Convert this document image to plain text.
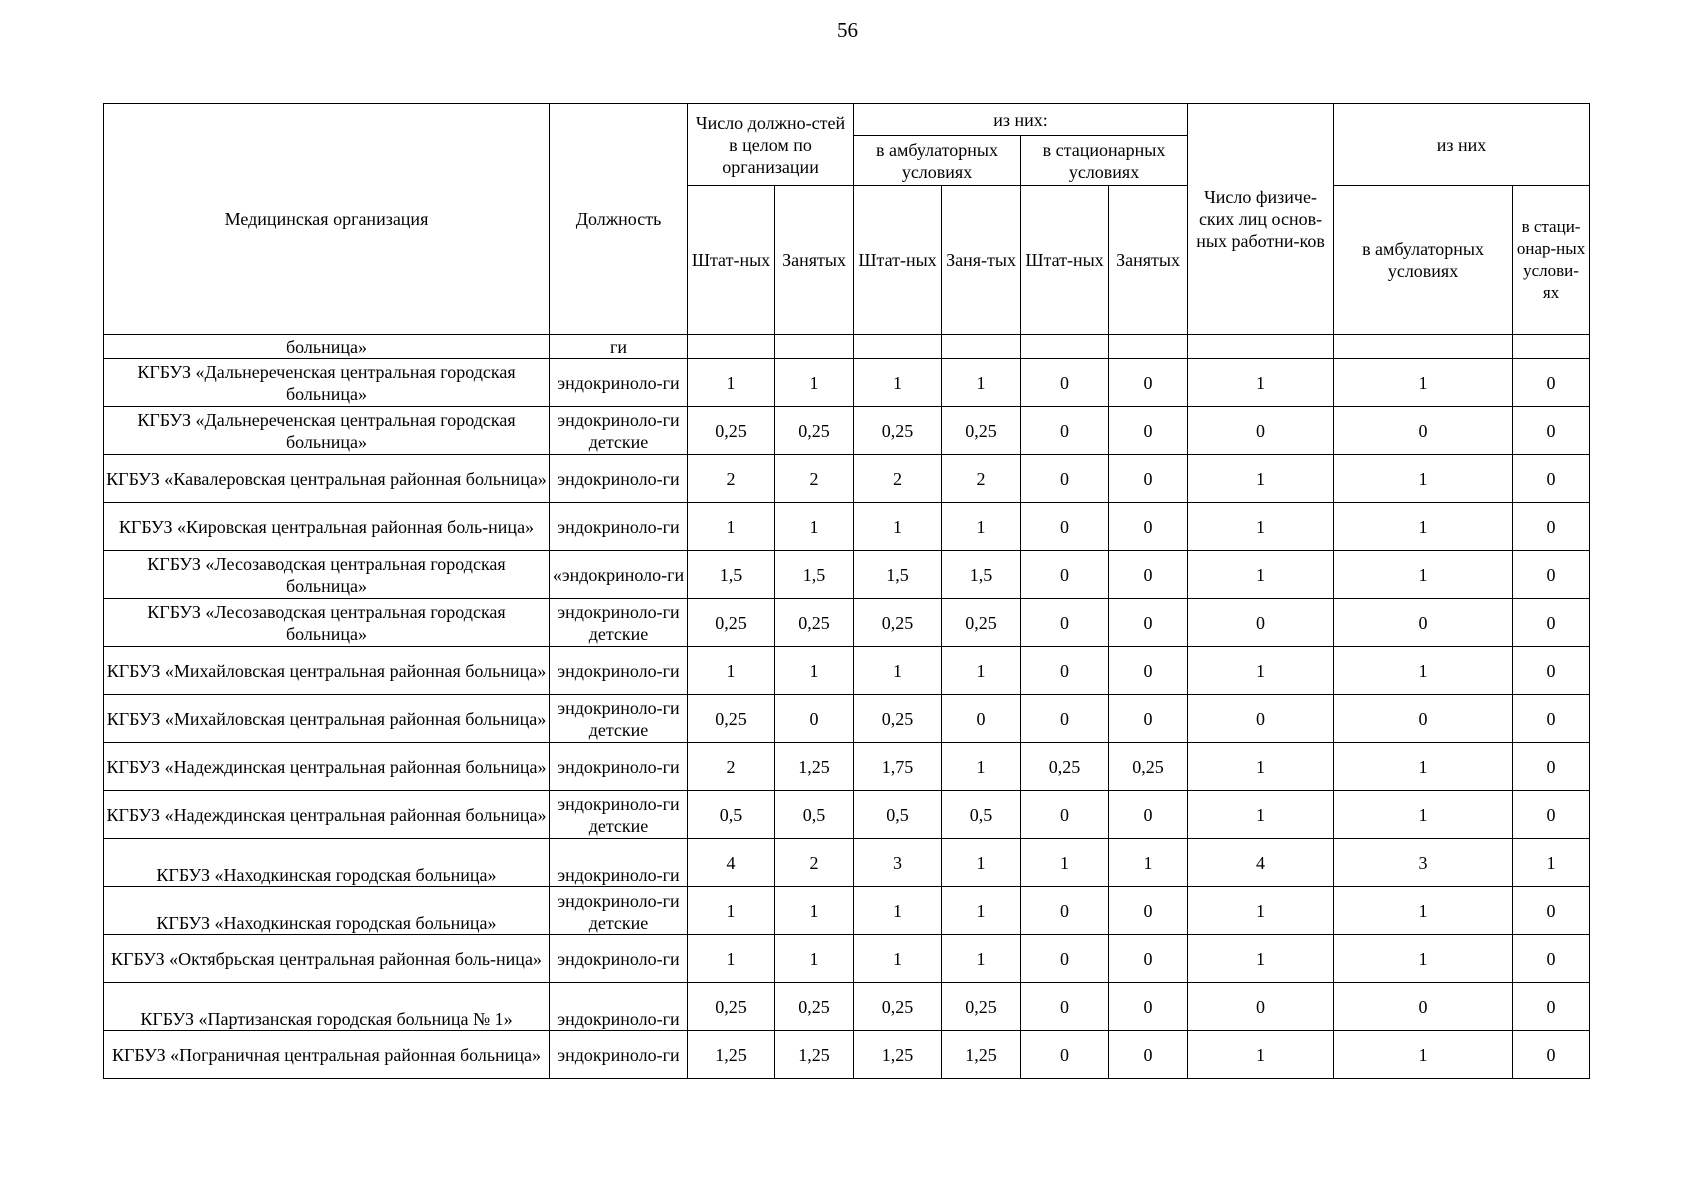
56
Медицинская организация	Должность	Число должно-стей в целом по организации		из них:				Число физиче-ских лиц основ-ных работни-ков	из них	
				в амбулаторных условиях		в стационарных условиях				
		Штат-ных	Занятых	Штат-ных	Заня-тых	Штат-ных	Занятых		в амбулаторных условиях	в стаци-онар-ных услови-ях

больница»	ги									
КГБУЗ «Дальнереченская центральная городская больница»	эндокриноло-ги	1	1	1	1	0	0	1	1	0
КГБУЗ «Дальнереченская центральная городская больница»	эндокриноло-ги детские	0,25	0,25	0,25	0,25	0	0	0	0	0
КГБУЗ «Кавалеровская центральная районная больница»	эндокриноло-ги	2	2	2	2	0	0	1	1	0
КГБУЗ «Кировская центральная районная боль-ница»	эндокриноло-ги	1	1	1	1	0	0	1	1	0
КГБУЗ «Лесозаводская центральная городская больница»	«эндокриноло-ги	1,5	1,5	1,5	1,5	0	0	1	1	0
КГБУЗ «Лесозаводская центральная городская больница»	эндокриноло-ги детские	0,25	0,25	0,25	0,25	0	0	0	0	0
КГБУЗ «Михайловская центральная районная больница»	эндокриноло-ги	1	1	1	1	0	0	1	1	0
КГБУЗ «Михайловская центральная районная больница»	эндокриноло-ги детские	0,25	0	0,25	0	0	0	0	0	0
КГБУЗ «Надеждинская центральная районная больница»	эндокриноло-ги	2	1,25	1,75	1	0,25	0,25	1	1	0
КГБУЗ «Надеждинская центральная районная больница»	эндокриноло-ги детские	0,5	0,5	0,5	0,5	0	0	1	1	0
КГБУЗ «Находкинская городская больница»	эндокриноло-ги	4	2	3	1	1	1	4	3	1
КГБУЗ «Находкинская городская больница»	эндокриноло-ги детские	1	1	1	1	0	0	1	1	0
КГБУЗ «Октябрьская центральная районная боль-ница»	эндокриноло-ги	1	1	1	1	0	0	1	1	0
КГБУЗ «Партизанская городская больница № 1»	эндокриноло-ги	0,25	0,25	0,25	0,25	0	0	0	0	0
КГБУЗ «Пограничная центральная районная больница»	эндокриноло-ги	1,25	1,25	1,25	1,25	0	0	1	1	0
